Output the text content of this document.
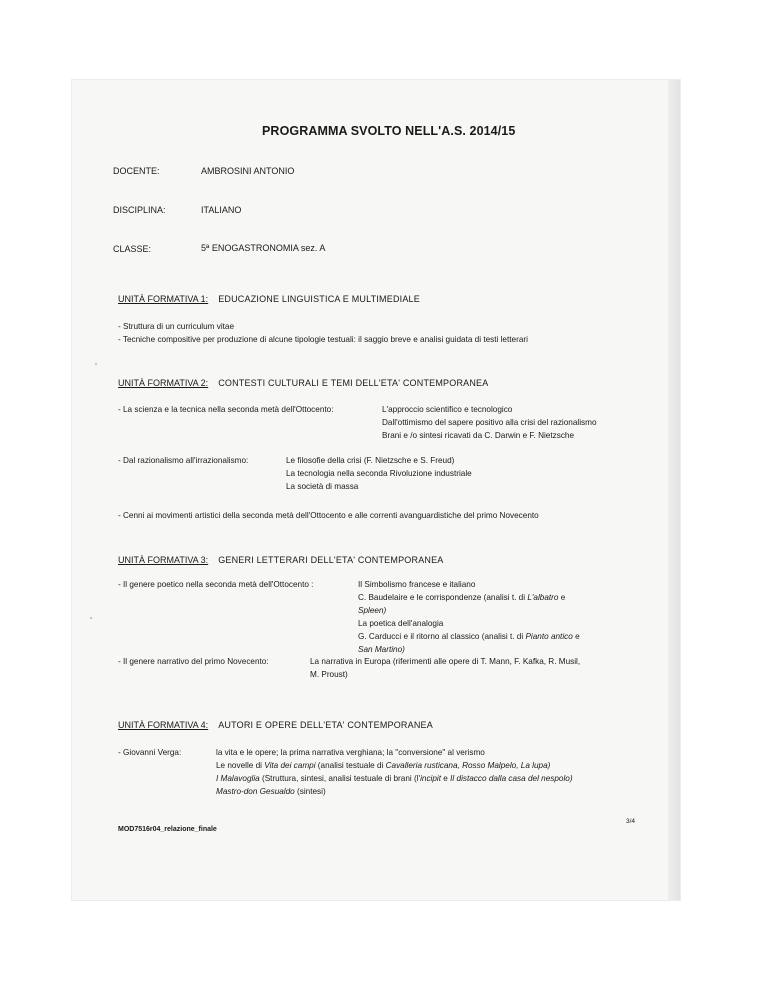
PROGRAMMA SVOLTO NELL'A.S. 2014/15
DOCENTE:	AMBROSINI ANTONIO
DISCIPLINA:	ITALIANO
CLASSE:	5ª ENOGASTRONOMIA sez. A
UNITÀ FORMATIVA 1: EDUCAZIONE LINGUISTICA E MULTIMEDIALE
- Struttura di un curriculum vitae
- Tecniche compositive per produzione di alcune tipologie testuali: il saggio breve e analisi guidata di testi letterari
UNITÀ FORMATIVA 2: CONTESTI CULTURALI E TEMI DELL'ETA' CONTEMPORANEA
- La scienza e la tecnica nella seconda metà dell'Ottocento:	L'approccio scientifico e tecnologico
Dall'ottimismo del sapere positivo alla crisi del razionalismo
Brani e /o sintesi ricavati da C. Darwin e F. Nietzsche
- Dal razionalismo all'irrazionalismo:	Le filosofie della crisi (F. Nietzsche e S. Freud)
La tecnologia nella seconda Rivoluzione industriale
La società di massa
- Cenni ai movimenti artistici della seconda metà dell'Ottocento e alle correnti avanguardistiche del primo Novecento
UNITÀ FORMATIVA 3: GENERI LETTERARI DELL'ETA' CONTEMPORANEA
- Il genere poetico nella seconda metà dell'Ottocento :	Il Simbolismo francese e italiano
C. Baudelaire e le corrispondenze (analisi t. di L'albatro e
Spleen)
La poetica dell'analogia
G. Carducci e il ritorno al classico (analisi t. di Pianto antico e
San Martino)
- Il genere narrativo del primo Novecento:	La narrativa in Europa (riferimenti alle opere di T. Mann, F. Kafka, R. Musil,
M. Proust)
UNITÀ FORMATIVA 4: AUTORI E OPERE DELL'ETA' CONTEMPORANEA
- Giovanni Verga:	la vita e le opere; la prima narrativa verghiana; la "conversione" al verismo
Le novelle di Vita dei campi (analisi testuale di Cavalleria rusticana, Rosso Malpelo, La lupa)
I Malavoglia (Struttura, sintesi, analisi testuale di brani (l'incipit e Il distacco dalla casa del nespolo)
Mastro-don Gesualdo (sintesi)
MOD7516r04_relazione_finale
3/4
